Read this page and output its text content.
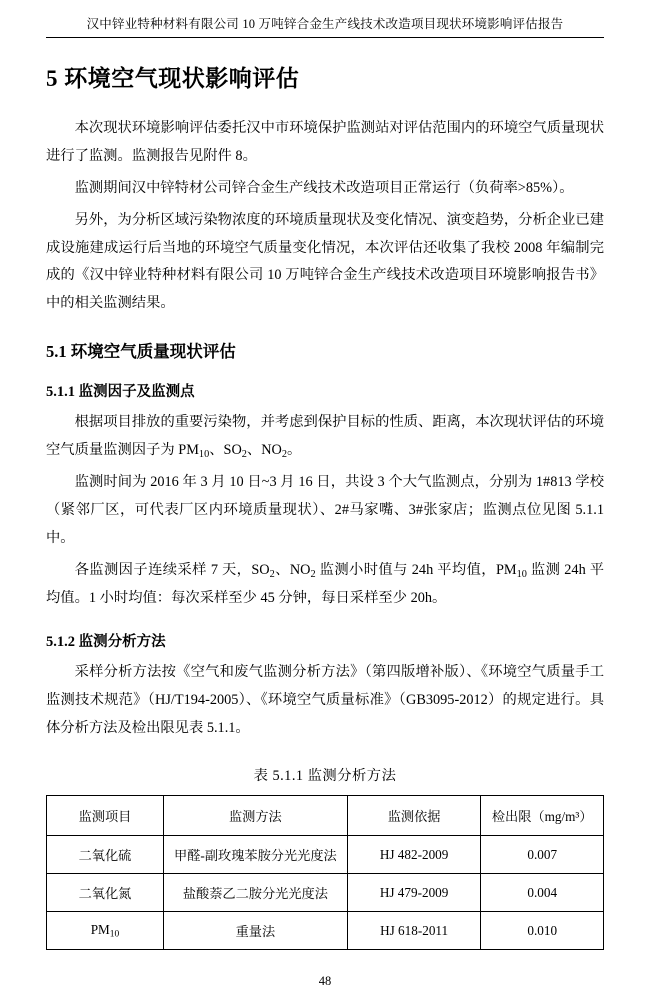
汉中锌业特种材料有限公司 10 万吨锌合金生产线技术改造项目现状环境影响评估报告
5 环境空气现状影响评估

本次现状环境影响评估委托汉中市环境保护监测站对评估范围内的环境空气质量现状进行了监测。监测报告见附件 8。

监测期间汉中锌特材公司锌合金生产线技术改造项目正常运行（负荷率>85%）。

另外，为分析区域污染物浓度的环境质量现状及变化情况、演变趋势，分析企业已建成设施建成运行后当地的环境空气质量变化情况，本次评估还收集了我校 2008 年编制完成的《汉中锌业特种材料有限公司 10 万吨锌合金生产线技术改造项目环境影响报告书》中的相关监测结果。

5.1 环境空气质量现状评估
5.1.1 监测因子及监测点

根据项目排放的重要污染物，并考虑到保护目标的性质、距离，本次现状评估的环境空气质量监测因子为 $PM_{10}$、$SO_2$、$NO_2$。

监测时间为 2016 年 3 月 10 日~3 月 16 日，共设 3 个大气监测点，分别为 1#813 学校（紧邻厂区，可代表厂区内环境质量现状）、2#马家嘴、3#张家店；监测点位见图 5.1.1 中。

各监测因子连续采样 7 天，$SO_2$、$NO_2$ 监测小时值与 24h 平均值，$PM_{10}$ 监测 24h 平均值。1 小时均值：每次采样至少 45 分钟，每日采样至少 20h。

5.1.2 监测分析方法

采样分析方法按《空气和废气监测分析方法》（第四版增补版）、《环境空气质量手工监测技术规范》（HJ/T194-2005）、《环境空气质量标准》（GB3095-2012）的规定进行。具体分析方法及检出限见表 5.1.1。

表 5.1.1 监测分析方法
监测项目	监测方法	监测依据	检出限（mg/m³）
二氧化硫	甲醛-副玫瑰苯胺分光光度法	HJ 482-2009	0.007
二氧化氮	盐酸萘乙二胺分光光度法	HJ 479-2009	0.004
$PM_{10}$	重量法	HJ 618-2011	0.010
48
